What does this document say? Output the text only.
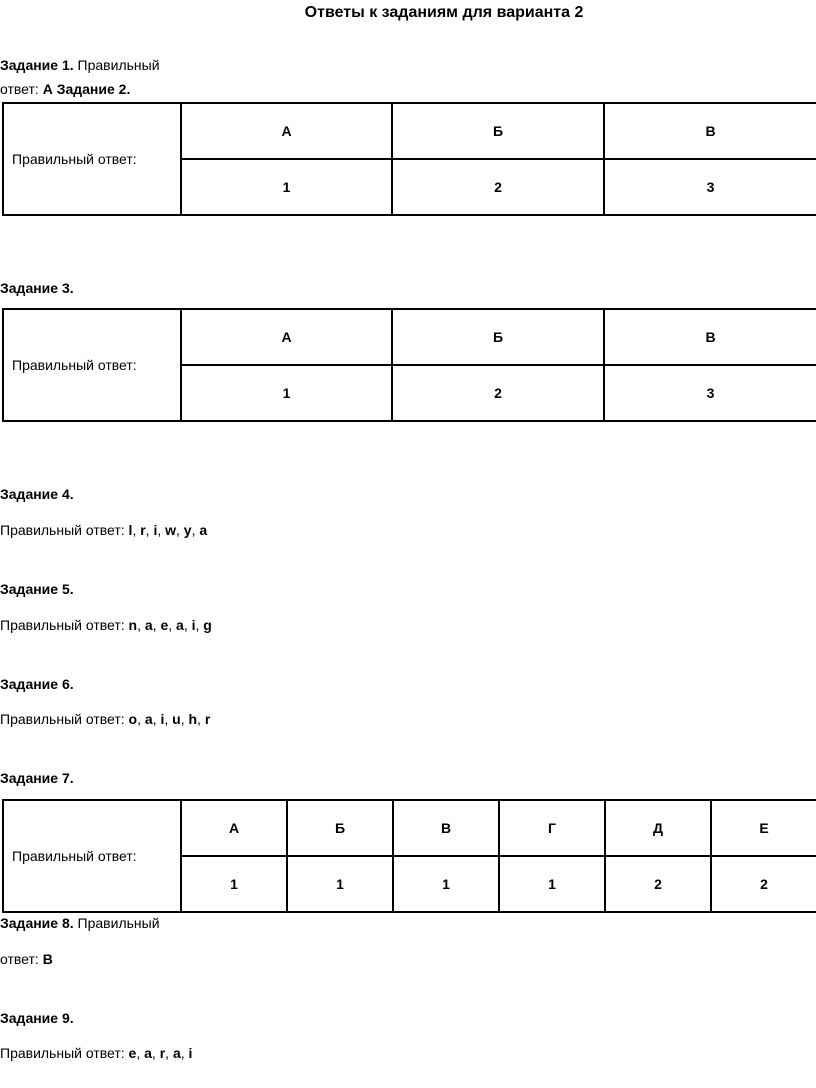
Ответы к заданиям для варианта 2
Задание 1. Правильный
ответ: А Задание 2.
Правильный ответ:	А	Б	В
	1	2	3
Задание 3.
Правильный ответ:	А	Б	В
	1	2	3
Задание 4.
Правильный ответ: l, r, i, w, y, a
Задание 5.
Правильный ответ: n, a, e, a, i, g
Задание 6.
Правильный ответ: o, a, i, u, h, r
Задание 7.
Правильный ответ:	А	Б	В	Г	Д	Е
	1	1	1	1	2	2
Задание 8. Правильный
ответ: В
Задание 9.
Правильный ответ: e, a, r, a, i
